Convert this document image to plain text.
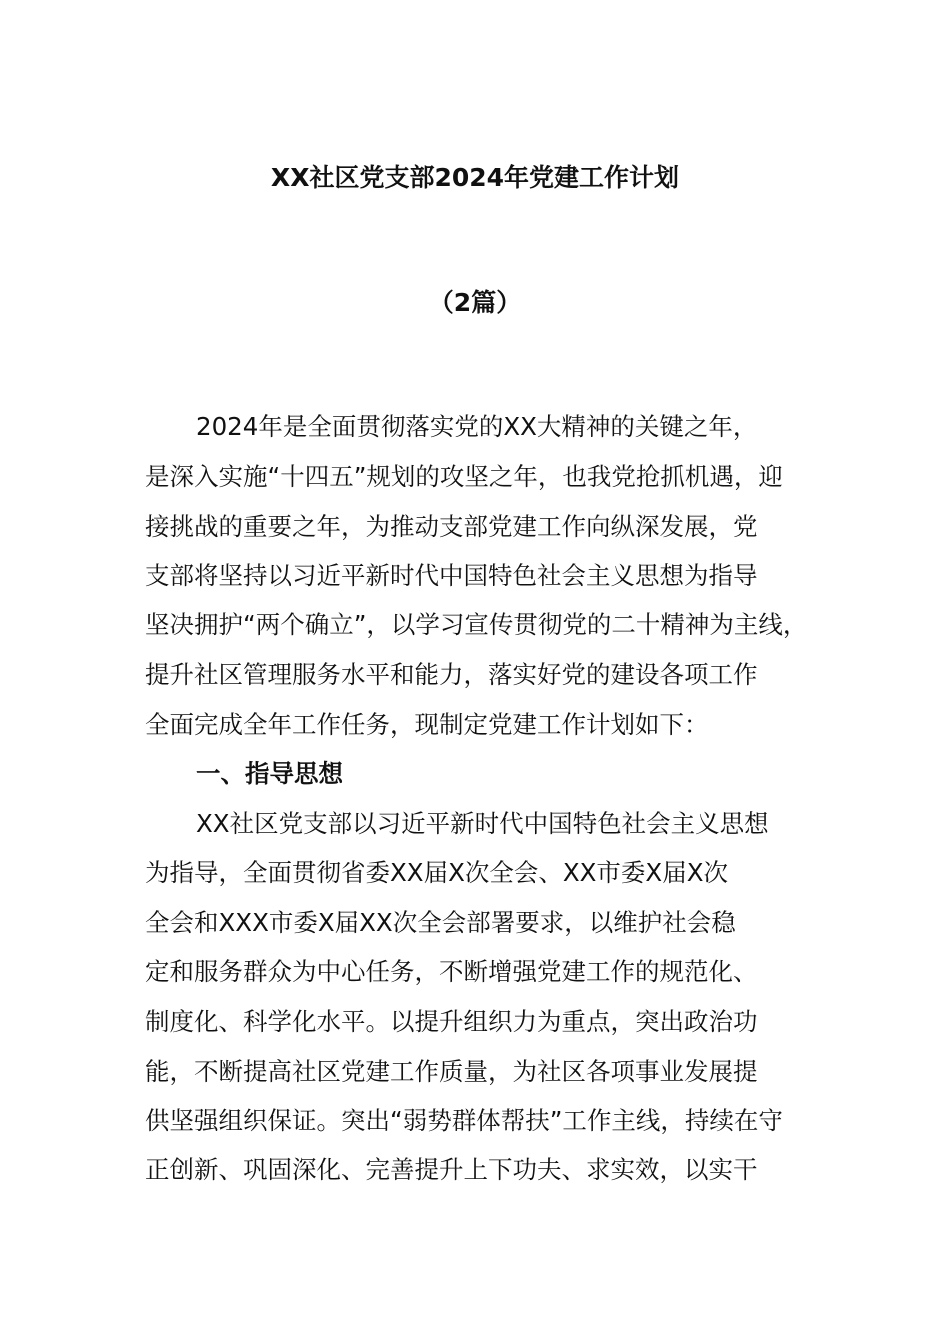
XX社区党支部2024年党建工作计划
（2篇）
2024年是全面贯彻落实党的XX大精神的关键之年，
是深入实施“十四五”规划的攻坚之年，也我党抢抓机遇，迎
接挑战的重要之年，为推动支部党建工作向纵深发展，党
支部将坚持以习近平新时代中国特色社会主义思想为指导
坚决拥护“两个确立”，以学习宣传贯彻党的二十精神为主线，
提升社区管理服务水平和能力，落实好党的建设各项工作
全面完成全年工作任务，现制定党建工作计划如下：
一、指导思想
XX社区党支部以习近平新时代中国特色社会主义思想
为指导，全面贯彻省委XX届X次全会、XX市委X届X次
全会和XXX市委X届XX次全会部署要求，以维护社会稳
定和服务群众为中心任务，不断增强党建工作的规范化、
制度化、科学化水平。以提升组织力为重点，突出政治功
能，不断提高社区党建工作质量，为社区各项事业发展提
供坚强组织保证。突出“弱势群体帮扶”工作主线，持续在守
正创新、巩固深化、完善提升上下功夫、求实效，以实干
